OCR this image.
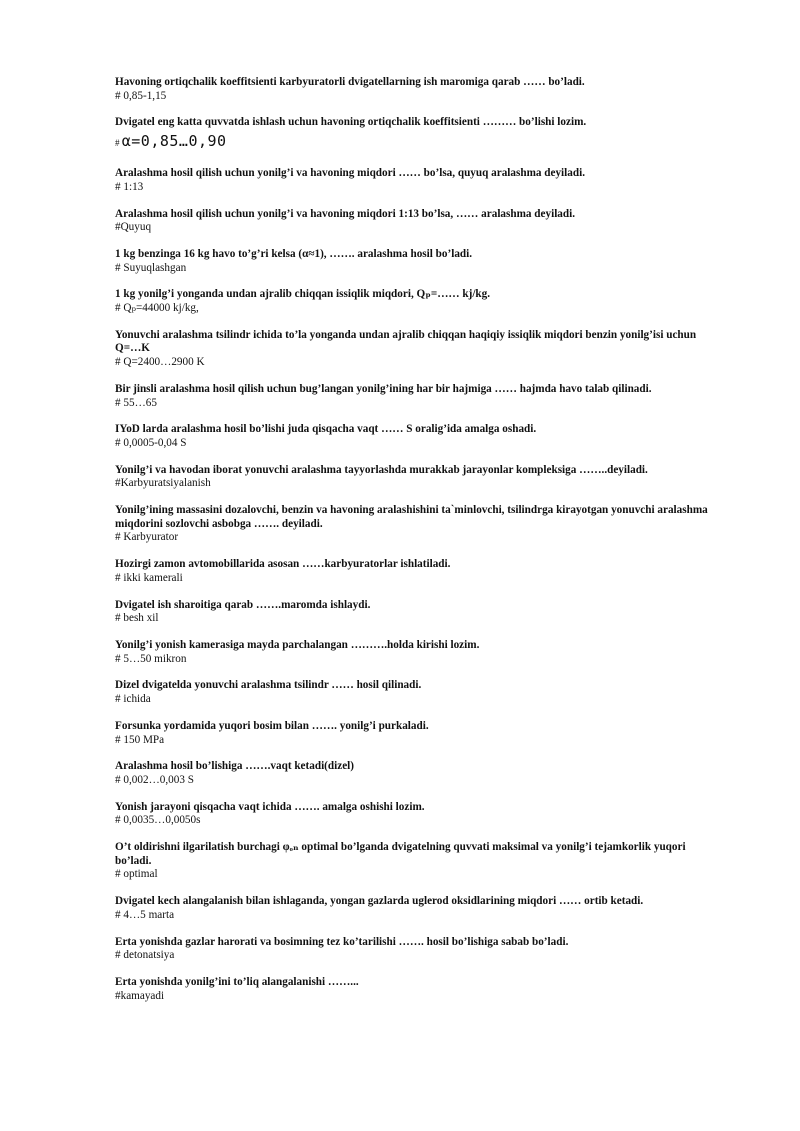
Havoning ortiqchalik koeffitsienti karbyuratorli dvigatellarning ish maromiga qarab …… bo’ladi.

# 0,85-1,15

Dvigatel eng katta quvvatda ishlash uchun havoning ortiqchalik koeffitsienti ……… bo’lishi lozim.

# α=0,85…0,90

Aralashma hosil qilish uchun yonilg’i va havoning miqdori …… bo’lsa, quyuq aralashma deyiladi.

# 1:13

Aralashma hosil qilish uchun yonilg’i va havoning miqdori 1:13 bo’lsa, …… aralashma deyiladi.

#Quyuq

1 kg benzinga 16 kg havo to’g’ri kelsa (α≈1), ……. aralashma hosil bo’ladi.

# Suyuqlashgan

1 kg yonilg’i yonganda undan ajralib chiqqan issiqlik miqdori, Qₚ=…… kj/kg.

# Qₚ=44000 kj/kg,

Yonuvchi aralashma tsilindr ichida to’la yonganda undan ajralib chiqqan haqiqiy issiqlik miqdori benzin yonilg’isi uchun Q=…K

# Q=2400…2900 K

Bir jinsli aralashma hosil qilish uchun bug’langan yonilg’ining har bir hajmiga …… hajmda havo talab qilinadi.

# 55…65

IYoD larda aralashma hosil bo’lishi juda qisqacha vaqt …… S oralig’ida amalga oshadi.

# 0,0005-0,04 S

Yonilg’i va havodan iborat yonuvchi aralashma tayyorlashda murakkab jarayonlar kompleksiga ……..deyiladi.

#Karbyuratsiyalanish

Yonilg’ining massasini dozalovchi, benzin va havoning aralashishini ta`minlovchi, tsilindrga kirayotgan yonuvchi aralashma miqdorini sozlovchi asbobga ……. deyiladi.

# Karbyurator

Hozirgi zamon avtomobillarida asosan ……karbyuratorlar ishlatiladi.

# ikki kamerali

Dvigatel ish sharoitiga qarab …….maromda ishlaydi.

# besh xil

Yonilg’i yonish kamerasiga mayda parchalangan ……….holda kirishi lozim.

# 5…50 mikron

Dizel dvigatelda yonuvchi aralashma tsilindr …… hosil qilinadi.

# ichida

Forsunka yordamida yuqori bosim bilan ……. yonilg’i purkaladi.

# 150 MPa

Aralashma hosil bo’lishiga …….vaqt ketadi(dizel)

# 0,002…0,003 S

Yonish jarayoni qisqacha vaqt ichida ……. amalga oshishi lozim.

# 0,0035…0,0050s

O’t oldirishni ilgarilatish burchagi φₒₙ optimal bo’lganda dvigatelning quvvati maksimal va yonilg’i tejamkorlik yuqori bo’ladi.

# optimal

Dvigatel kech alangalanish bilan ishlaganda, yongan gazlarda uglerod oksidlarining miqdori …… ortib ketadi.

# 4…5 marta

Erta yonishda gazlar harorati va bosimning tez ko’tarilishi ……. hosil bo’lishiga sabab bo’ladi.

# detonatsiya

Erta yonishda yonilg’ini to’liq alangalanishi ……...

#kamayadi
